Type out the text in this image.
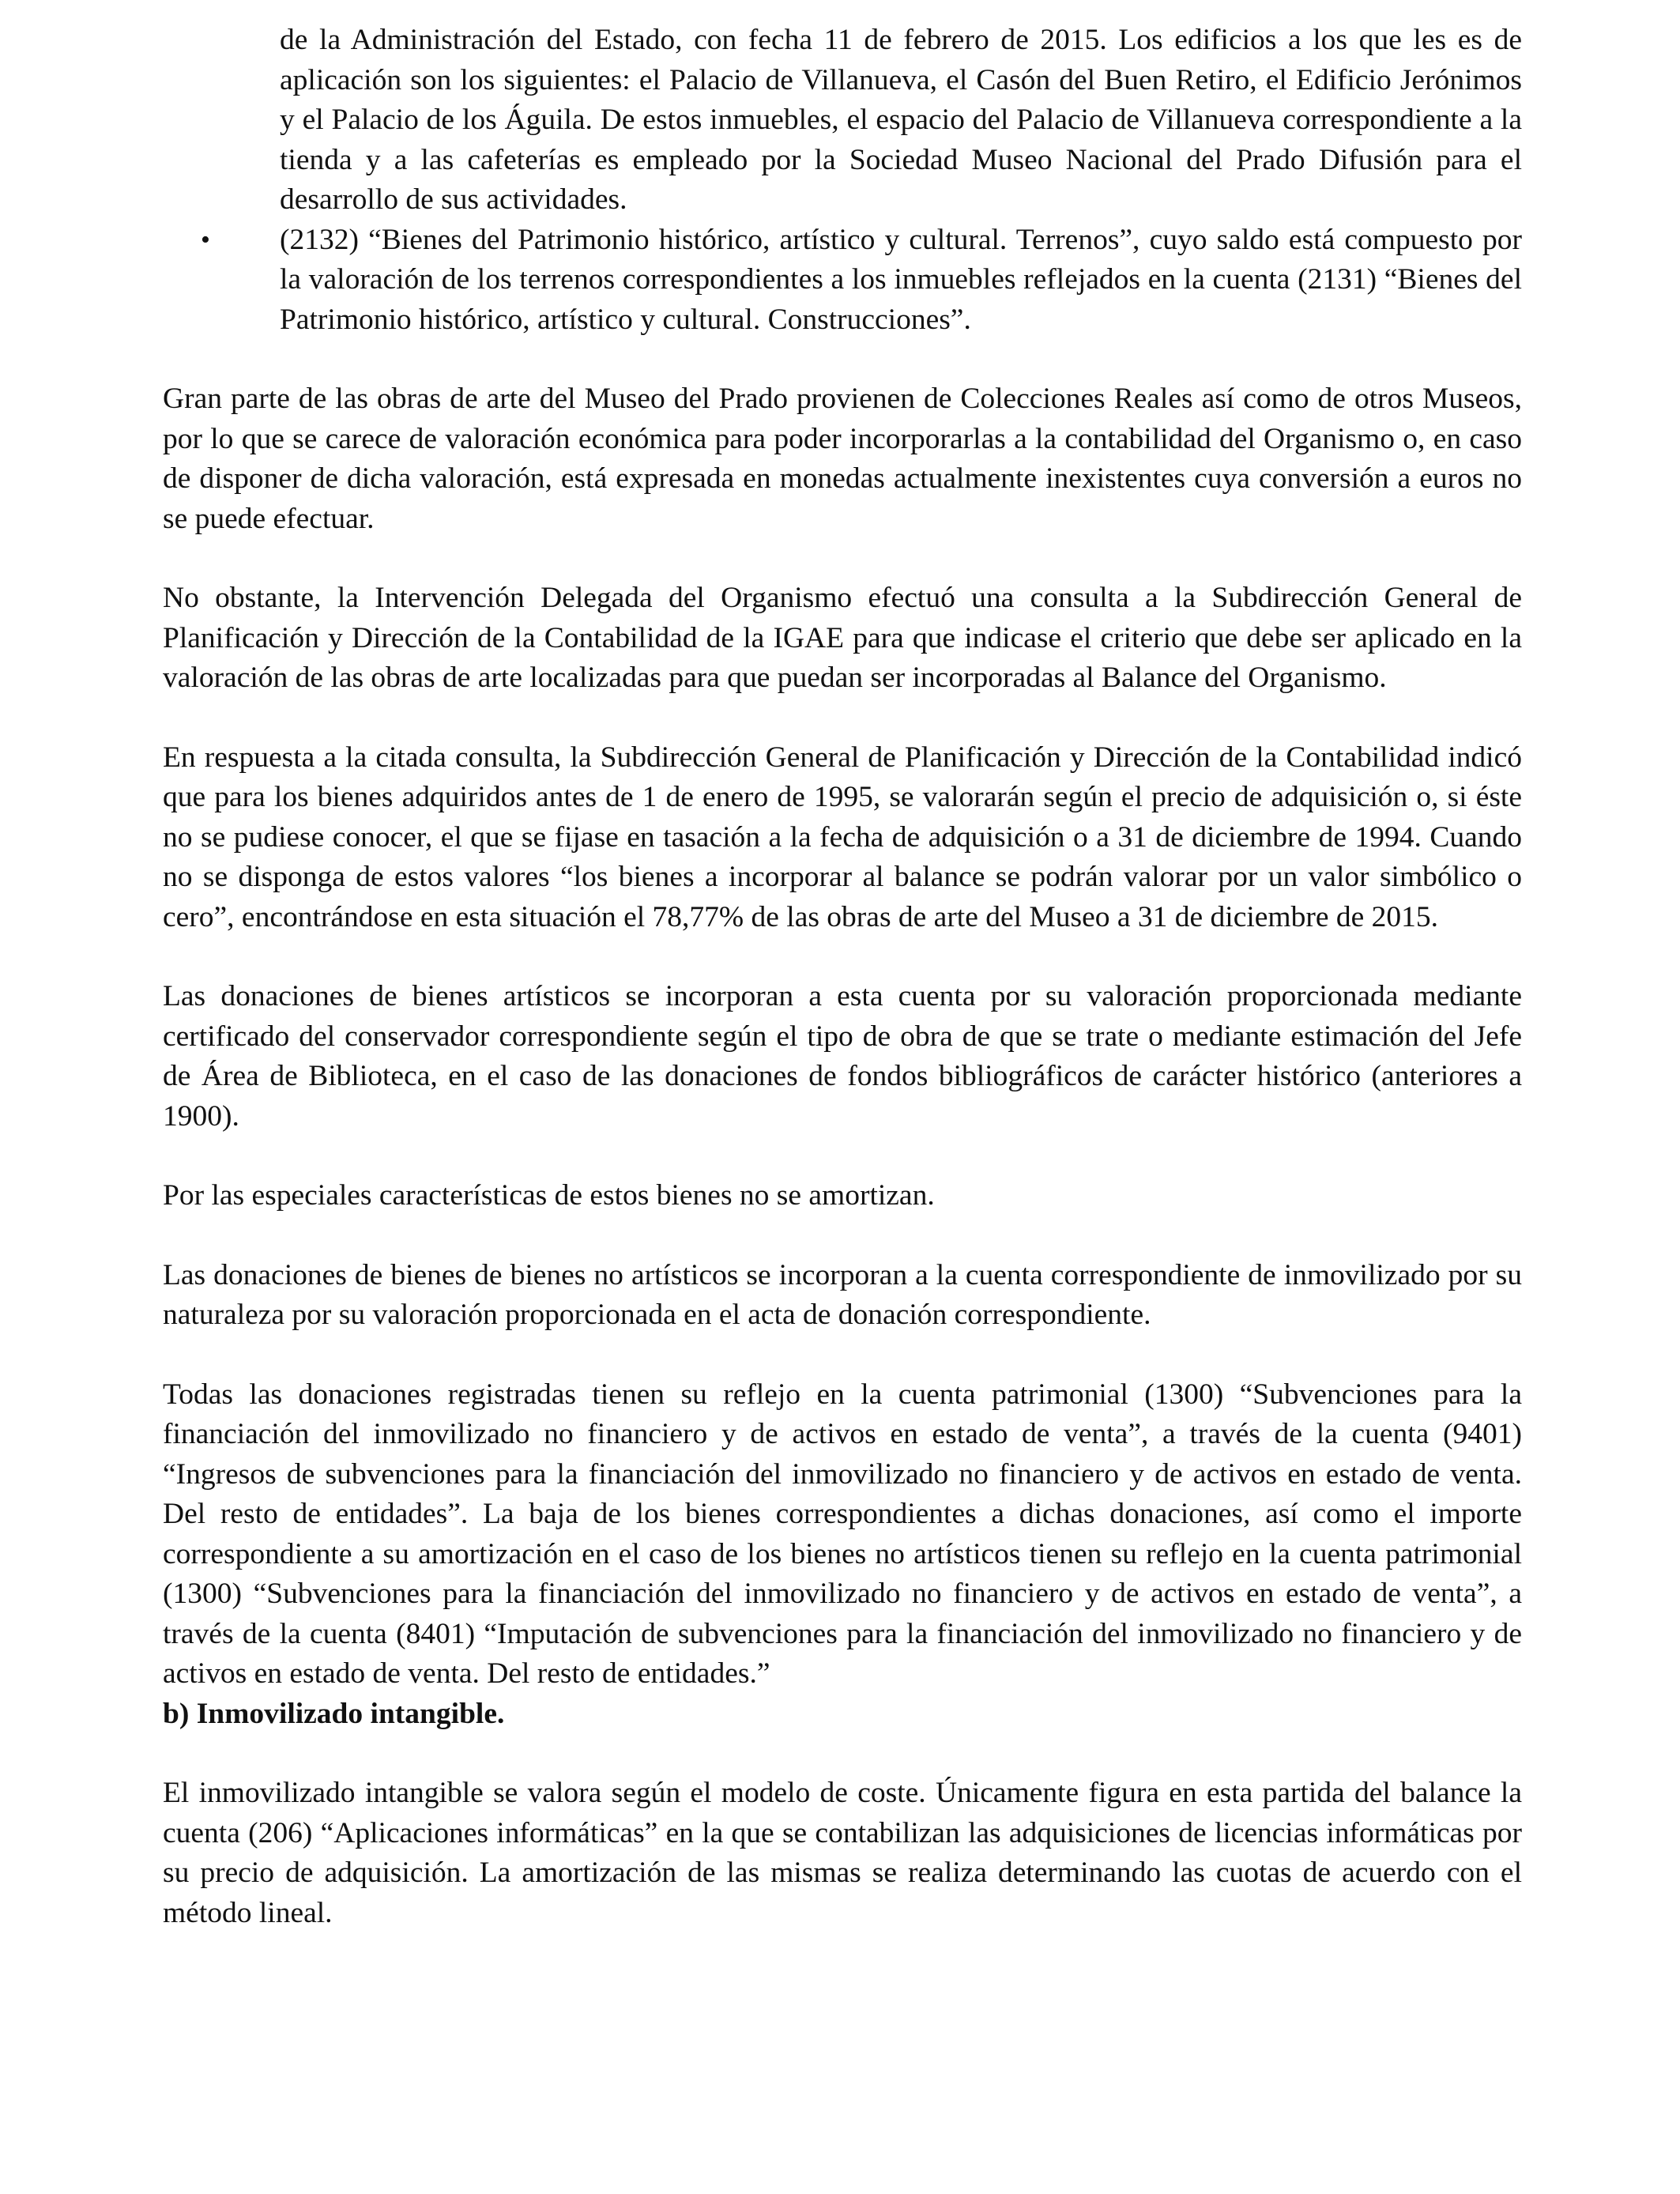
de la Administración del Estado, con fecha 11 de febrero de 2015. Los edificios a los que les es de aplicación son los siguientes: el Palacio de Villanueva, el Casón del Buen Retiro, el Edificio Jerónimos y el Palacio de los Águila. De estos inmuebles, el espacio del Palacio de Villanueva correspondiente a la tienda y a las cafeterías es empleado por la Sociedad Museo Nacional del Prado Difusión para el desarrollo de sus actividades.

• (2132) “Bienes del Patrimonio histórico, artístico y cultural. Terrenos”, cuyo saldo está compuesto por la valoración de los terrenos correspondientes a los inmuebles reflejados en la cuenta (2131) “Bienes del Patrimonio histórico, artístico y cultural. Construcciones”.

Gran parte de las obras de arte del Museo del Prado provienen de Colecciones Reales así como de otros Museos, por lo que se carece de valoración económica para poder incorporarlas a la contabilidad del Organismo o, en caso de disponer de dicha valoración, está expresada en monedas actualmente inexistentes cuya conversión a euros no se puede efectuar.

No obstante, la Intervención Delegada del Organismo efectuó una consulta a la Subdirección General de Planificación y Dirección de la Contabilidad de la IGAE para que indicase el criterio que debe ser aplicado en la valoración de las obras de arte localizadas para que puedan ser incorporadas al Balance del Organismo.

En respuesta a la citada consulta, la Subdirección General de Planificación y Dirección de la Contabilidad indicó que para los bienes adquiridos antes de 1 de enero de 1995, se valorarán según el precio de adquisición o, si éste no se pudiese conocer, el que se fijase en tasación a la fecha de adquisición o a 31 de diciembre de 1994. Cuando no se disponga de estos valores “los bienes a incorporar al balance se podrán valorar por un valor simbólico o cero”, encontrándose en esta situación el 78,77% de las obras de arte del Museo a 31 de diciembre de 2015.

Las donaciones de bienes artísticos se incorporan a esta cuenta por su valoración proporcionada mediante certificado del conservador correspondiente según el tipo de obra de que se trate o mediante estimación del Jefe de Área de Biblioteca, en el caso de las donaciones de fondos bibliográficos de carácter histórico (anteriores a 1900).

Por las especiales características de estos bienes no se amortizan.

Las donaciones de bienes de bienes no artísticos se incorporan a la cuenta correspondiente de inmovilizado por su naturaleza por su valoración proporcionada en el acta de donación correspondiente.

Todas las donaciones registradas tienen su reflejo en la cuenta patrimonial (1300) “Subvenciones para la financiación del inmovilizado no financiero y de activos en estado de venta”, a través de la cuenta (9401) “Ingresos de subvenciones para la financiación del inmovilizado no financiero y de activos en estado de venta. Del resto de entidades”. La baja de los bienes correspondientes a dichas donaciones, así como el importe correspondiente a su amortización en el caso de los bienes no artísticos tienen su reflejo en la cuenta patrimonial (1300) “Subvenciones para la financiación del inmovilizado no financiero y de activos en estado de venta”, a través de la cuenta (8401) “Imputación de subvenciones para la financiación del inmovilizado no financiero y de activos en estado de venta. Del resto de entidades.”

b) Inmovilizado intangible.

El inmovilizado intangible se valora según el modelo de coste. Únicamente figura en esta partida del balance la cuenta (206) “Aplicaciones informáticas” en la que se contabilizan las adquisiciones de licencias informáticas por su precio de adquisición. La amortización de las mismas se realiza determinando las cuotas de acuerdo con el método lineal.
